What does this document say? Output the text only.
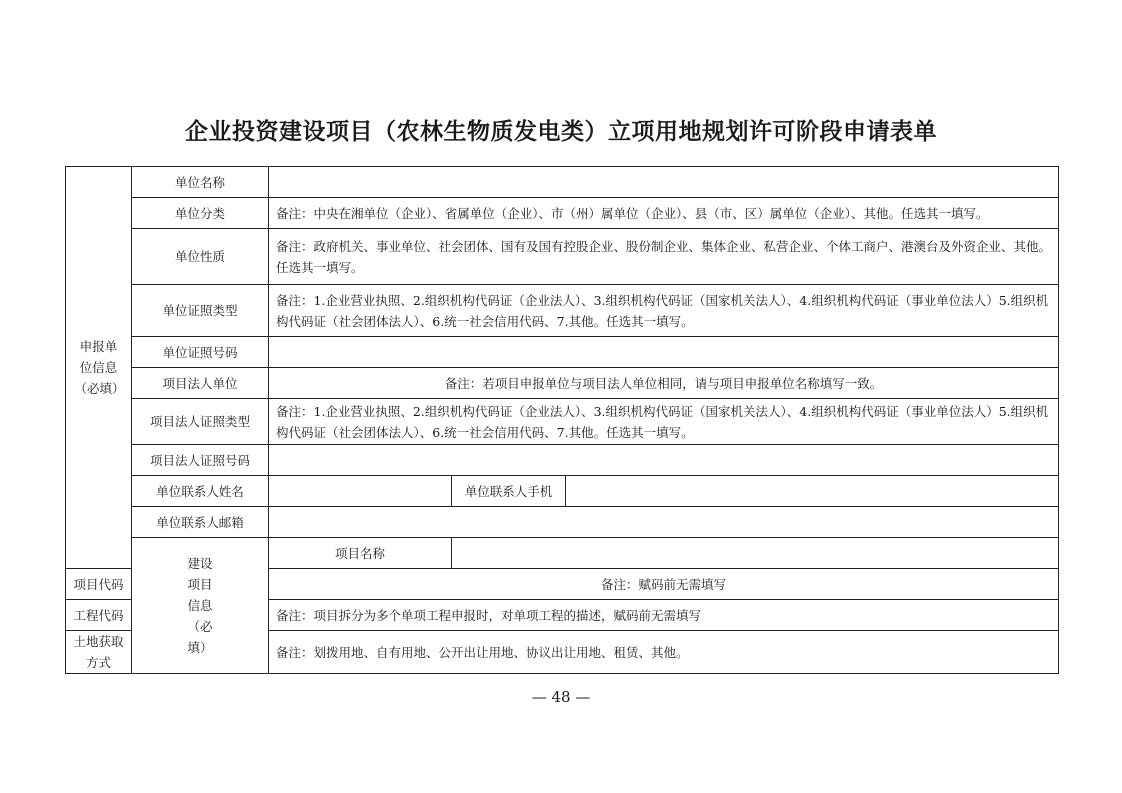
企业投资建设项目（农林生物质发电类）立项用地规划许可阶段申请表单
申报单位信息（必填）	单位名称			
	单位分类	备注：中央在湘单位（企业）、省属单位（企业）、市（州）属单位（企业）、县（市、区）属单位（企业）、其他。任选其一填写。		
	单位性质	备注：政府机关、事业单位、社会团体、国有及国有控股企业、股份制企业、集体企业、私营企业、个体工商户、港澳台及外资企业、其他。任选其一填写。		
	单位证照类型	备注：1.企业营业执照、2.组织机构代码证（企业法人）、3.组织机构代码证（国家机关法人）、4.组织机构代码证（事业单位法人）5.组织机构代码证（社会团体法人）、6.统一社会信用代码、7.其他。任选其一填写。		
	单位证照号码			
	项目法人单位	备注：若项目申报单位与项目法人单位相同，请与项目申报单位名称填写一致。		
	项目法人证照类型	备注：1.企业营业执照、2.组织机构代码证（企业法人）、3.组织机构代码证（国家机关法人）、4.组织机构代码证（事业单位法人）5.组织机构代码证（社会团体法人）、6.统一社会信用代码、7.其他。任选其一填写。		
	项目法人证照号码			
	单位联系人姓名		单位联系人手机	
	单位联系人邮箱			

	建设项目信息（必填）	项目名称		
项目代码		备注：赋码前无需填写		
工程代码		备注：项目拆分为多个单项工程申报时，对单项工程的描述，赋码前无需填写		
土地获取方式		备注：划拨用地、自有用地、公开出让用地、协议出让用地、租赁、其他。		
— 48 —
